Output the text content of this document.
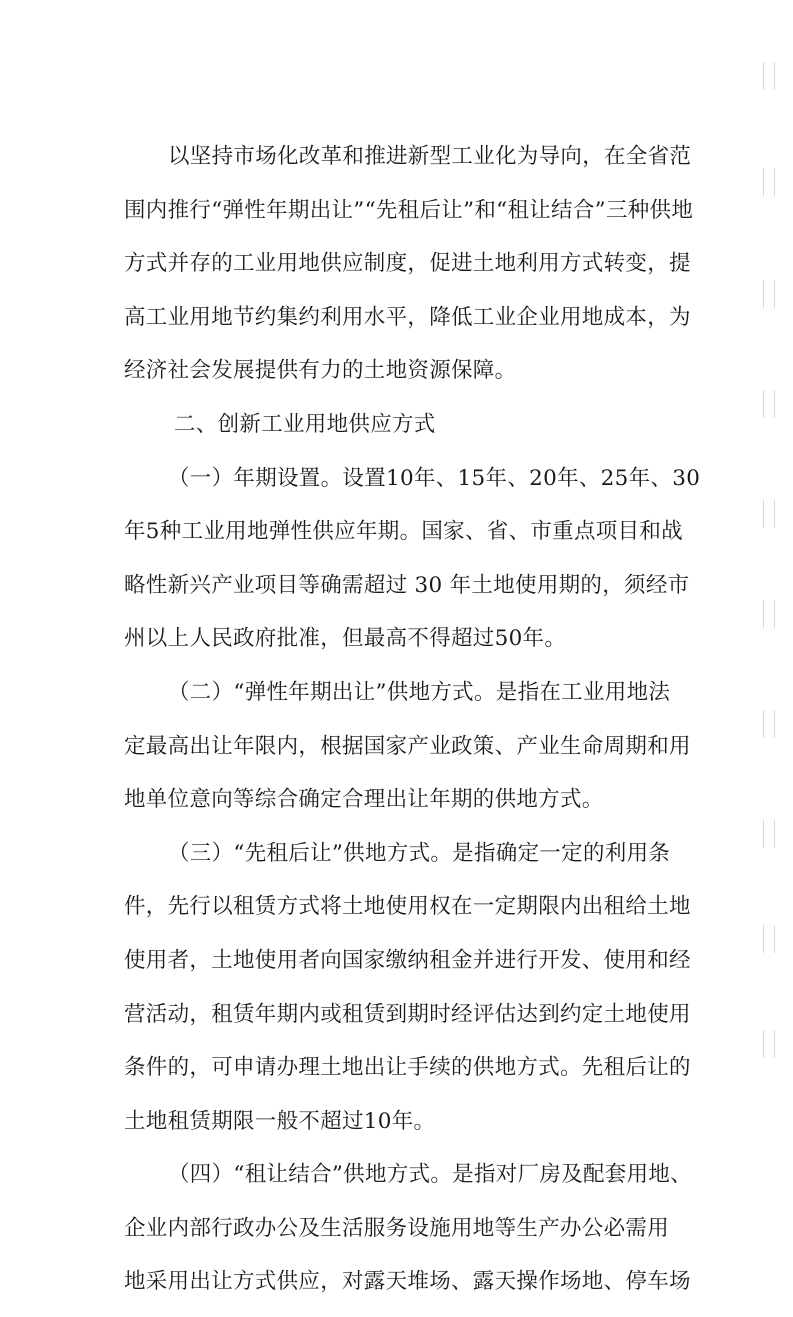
以坚持市场化改革和推进新型工业化为导向，在全省范
围内推行“弹性年期出让”“先租后让”和“租让结合”三种供地
方式并存的工业用地供应制度，促进土地利用方式转变，提
高工业用地节约集约利用水平，降低工业企业用地成本，为
经济社会发展提供有力的土地资源保障。
二、创新工业用地供应方式
（一）年期设置。设置10年、15年、20年、25年、30
年5种工业用地弹性供应年期。国家、省、市重点项目和战
略性新兴产业项目等确需超过 30 年土地使用期的，须经市
州以上人民政府批准，但最高不得超过50年。
（二）“弹性年期出让”供地方式。是指在工业用地法
定最高出让年限内，根据国家产业政策、产业生命周期和用
地单位意向等综合确定合理出让年期的供地方式。
（三）“先租后让”供地方式。是指确定一定的利用条
件，先行以租赁方式将土地使用权在一定期限内出租给土地
使用者，土地使用者向国家缴纳租金并进行开发、使用和经
营活动，租赁年期内或租赁到期时经评估达到约定土地使用
条件的，可申请办理土地出让手续的供地方式。先租后让的
土地租赁期限一般不超过10年。
（四）“租让结合”供地方式。是指对厂房及配套用地、
企业内部行政办公及生活服务设施用地等生产办公必需用
地采用出让方式供应，对露天堆场、露天操作场地、停车场
